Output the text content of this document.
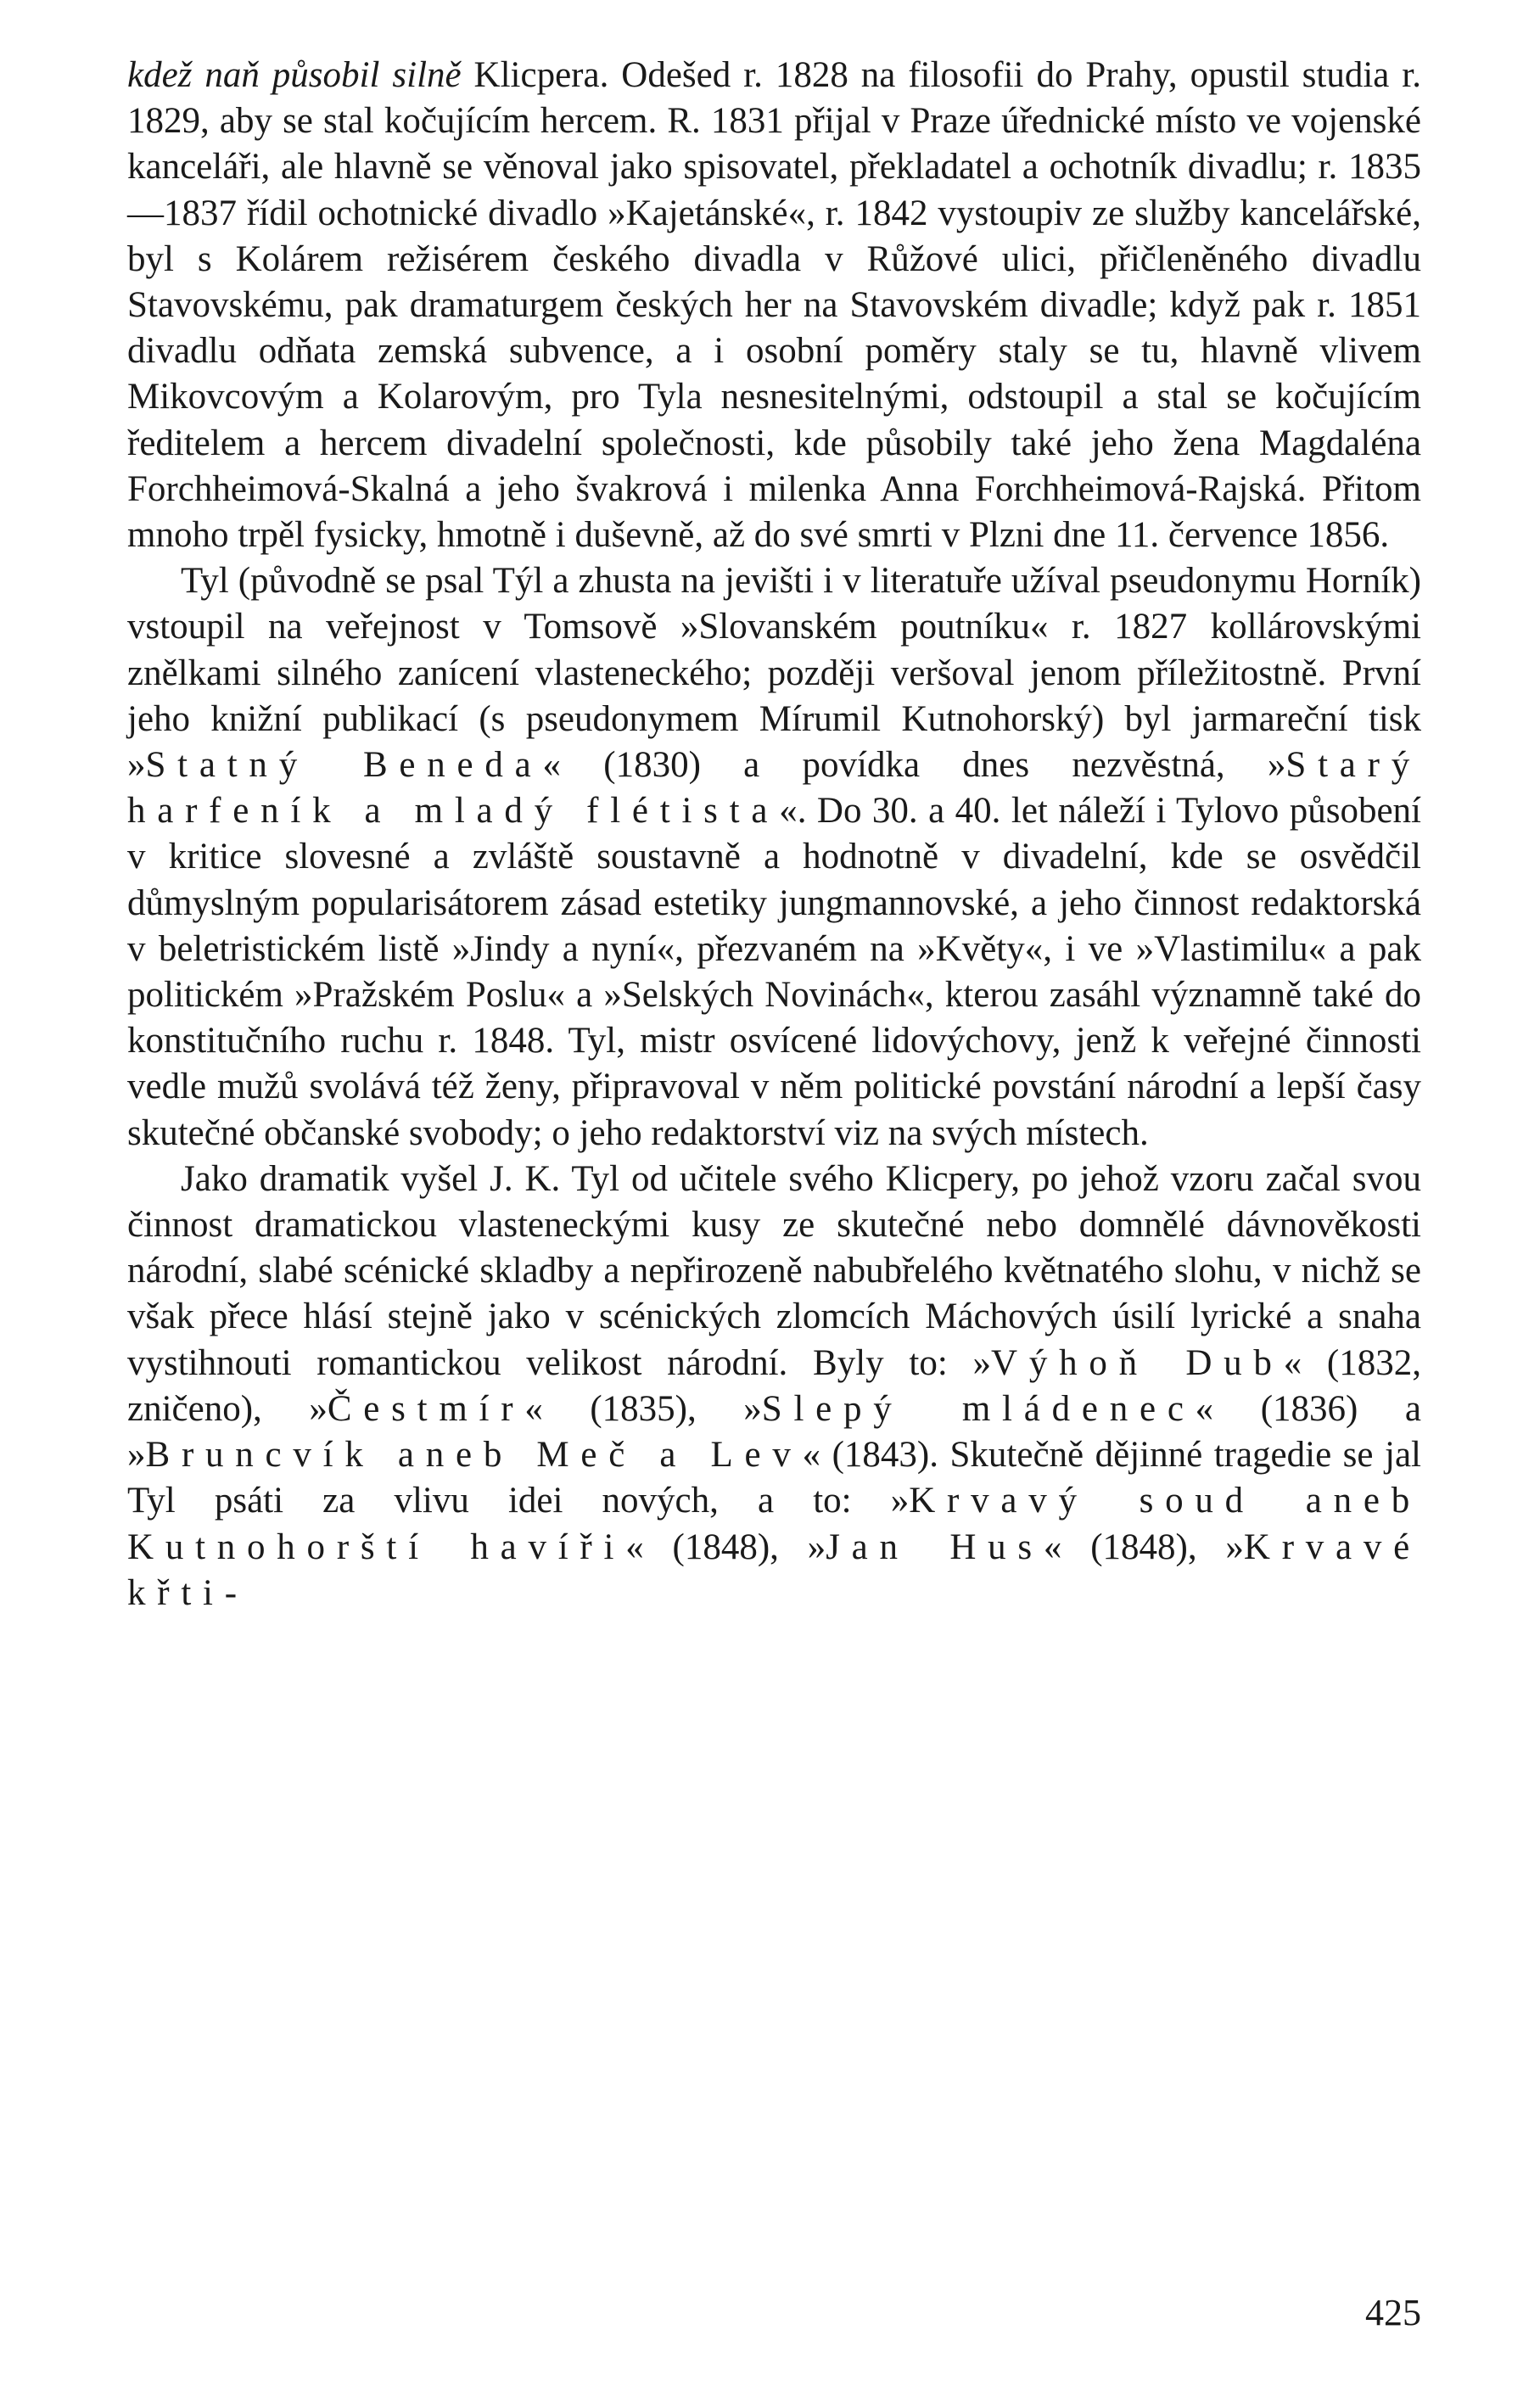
kdež naň působil silně Klicpera. Odešed r. 1828 na filosofii do Prahy, opustil studia r. 1829, aby se stal kočujícím hercem. R. 1831 přijal v Praze úřednické místo ve vojenské kanceláři, ale hlavně se věnoval jako spisovatel, překladatel a ochotník divadlu; r. 1835—1837 řídil ochotnické divadlo »Kajetánské«, r. 1842 vystoupiv ze služby kancelářské, byl s Kolárem režisérem českého divadla v Růžové ulici, přičleněného divadlu Stavovskému, pak dramaturgem českých her na Stavovském divadle; když pak r. 1851 divadlu odňata zemská subvence, a i osobní poměry staly se tu, hlavně vlivem Mikovcovým a Kolarovým, pro Tyla nesnesitelnými, odstoupil a stal se kočujícím ředitelem a hercem divadelní společnosti, kde působily také jeho žena Magdaléna Forchheimová-Skalná a jeho švakrová i milenka Anna Forchheimová-Rajská. Přitom mnoho trpěl fysicky, hmotně i duševně, až do své smrti v Plzni dne 11. července 1856.

Tyl (původně se psal Týl a zhusta na jevišti i v literatuře užíval pseudonymu Horník) vstoupil na veřejnost v Tomsově »Slovanském poutníku« r. 1827 kollárovskými znělkami silného zanícení vlasteneckého; později veršoval jenom příležitostně. První jeho knižní publikací (s pseudonymem Mírumil Kutnohorský) byl jarmareční tisk »Statný Beneda« (1830) a povídka dnes nezvěstná, »Starý harfeník a mladý flétista«. Do 30. a 40. let náleží i Tylovo působení v kritice slovesné a zvláště soustavně a hodnotně v divadelní, kde se osvědčil důmyslným popularisátorem zásad estetiky jungmannovské, a jeho činnost redaktorská v beletristickém listě »Jindy a nyní«, přezvaném na »Květy«, i ve »Vlastimilu« a pak politickém »Pražském Poslu« a »Selských Novinách«, kterou zasáhl významně také do konstitučního ruchu r. 1848. Tyl, mistr osvícené lidovýchovy, jenž k veřejné činnosti vedle mužů svolává též ženy, připravoval v něm politické povstání národní a lepší časy skutečné občanské svobody; o jeho redaktorství viz na svých místech.

Jako dramatik vyšel J. K. Tyl od učitele svého Klicpery, po jehož vzoru začal svou činnost dramatickou vlasteneckými kusy ze skutečné nebo domnělé dávnověkosti národní, slabé scénické skladby a nepřirozeně nabubřelého květnatého slohu, v nichž se však přece hlásí stejně jako v scénických zlomcích Máchových úsilí lyrické a snaha vystihnouti romantickou velikost národní. Byly to: »Výhoň Dub« (1832, zničeno), »Čestmír« (1835), »Slepý mládenec« (1836) a »Bruncvík aneb Meč a Lev« (1843). Skutečně dějinné tragedie se jal Tyl psáti za vlivu idei nových, a to: »Krvavý soud aneb Kutnohorští havíři« (1848), »Jan Hus« (1848), »Krvavé křti-

425
